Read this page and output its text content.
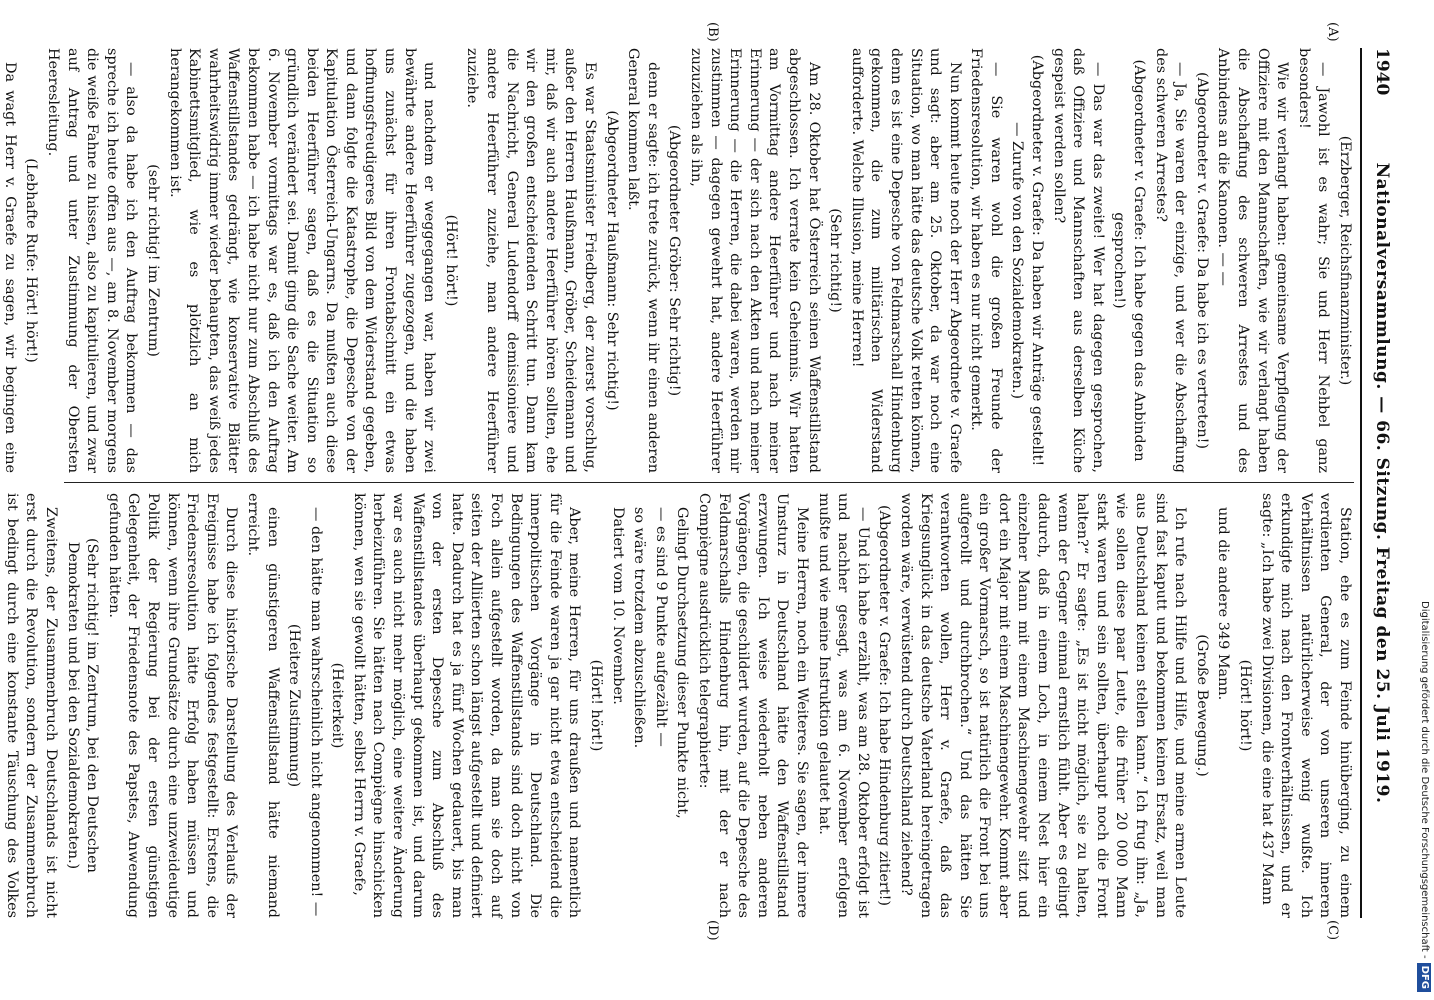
1940
Nationalversammlung. — 66. Sitzung. Freitag den 25. Juli 1919.

(Erzberger, Reichsfinanzminister.)

— Jawohl ist es wahr; Sie und Herr Nehbel ganz besonders!

Wie wir verlangt haben: gemeinsame Verpflegung der Offiziere mit den Mannschaften, wie wir verlangt haben die Abschaffung des schweren Arrestes und des Anbindens an die Kanonen. — —

(Abgeordneter v. Graefe: Da habe ich es vertreten!)

— Ja, Sie waren der einzige, und wer die Abschaffung des schweren Arrestes?

(Abgeordneter v. Graefe: Ich habe gegen das Anbinden gesprochen!)

— Das war das zweite! Wer hat dagegen gesprochen, daß Offiziere und Mannschaften aus derselben Küche gespeist werden sollen?

(Abgeordneter v. Graefe: Da haben wir Anträge gestellt! — Zurufe von den Sozialdemokraten.)

— Sie waren wohl die großen Freunde der Friedensresolution, wir haben es nur nicht gemerkt.

Nun kommt heute noch der Herr Abgeordnete v. Graefe und sagt: aber am 25. Oktober, da war noch eine Situation, wo man hätte das deutsche Volk retten können, denn es ist eine Depesche von Feldmarschall Hindenburg gekommen, die zum militärischen Widerstand aufforderte. Welche Illusion, meine Herren!

(Sehr richtig!)

Am 28. Oktober hat Österreich seinen Waffenstillstand abgeschlossen. Ich verrate kein Geheimnis. Wir hatten am Vormittag andere Heerführer und nach meiner Erinnerung — der sich nach den Akten und nach meiner Erinnerung — die Herren, die dabei waren, werden mir zustimmen — dagegen gewehrt hat, andere Heerführer zuzuziehen als ihn,

(Abgeordneter Gröber: Sehr richtig!)

denn er sagte: ich trete zurück, wenn ihr einen anderen General kommen laßt.

(Abgeordneter Haußmann: Sehr richtig!)

Es war Staatsminister Friedberg, der zuerst vorschlug, außer den Herren Haußmann, Gröber, Scheidemann und mir, daß wir auch andere Heerführer hören sollten, ehe wir den großen entscheidenden Schritt tun. Dann kam die Nachricht, General Ludendorff demissioniere und andere Heerführer zuziehe, man andere Heerführer zuziehe.

(Hört! hört!)

und nachdem er weggegangen war, haben wir zwei bewährte andere Heerführer zugezogen, und die haben uns zunächst für ihren Frontabschnitt ein etwas hoffnungsfreudigeres Bild von dem Widerstand gegeben, und dann folgte die Katastrophe, die Depesche von der Kapitulation Österreich-Ungarns. Da mußten auch diese beiden Heerführer sagen, daß es die Situation so gründlich verändert sei. Damit ging die Sache weiter. Am 6. November vormittags war es, daß ich den Auftrag bekommen habe — ich habe nicht nur zum Abschluß des Waffenstillstandes gedrängt, wie konservative Blätter wahrheitswidrig immer wieder behaupten, das weiß jedes Kabinettsmitglied, wie es plötzlich an mich herangekommen ist.

(sehr richtig! im Zentrum)

— also da habe ich den Auftrag bekommen — das spreche ich heute offen aus —, am 8. November morgens die weiße Fahne zu hissen, also zu kapitulieren, und zwar auf Antrag und unter Zustimmung der Obersten Heeresleitung.

(Lebhafte Rufe: Hört! hört!)

Da wagt Herr v. Graefe zu sagen, wir begingen eine

Station, ehe es zum Feinde hinüberging, zu einem verdienten General, der von unseren inneren Verhältnissen natürlicherweise wenig wußte. Ich erkundigte mich nach den Frontverhältnissen, und er sagte: „Ich habe zwei Divisionen, die eine hat 437 Mann

(Hört! hört!)

und die andere 349 Mann.

(Große Bewegung.)

Ich rufe nach Hilfe und Hilfe, und meine armen Leute sind fast kaputt und bekommen keinen Ersatz, weil man aus Deutschland keinen stellen kann.“ Ich frug ihn: „Ja, wie sollen diese paar Leute, die früher 20 000 Mann stark waren und sein sollten, überhaupt noch die Front halten?“ Er sagte: „Es ist nicht möglich, sie zu halten, wenn der Gegner einmal ernstlich fühlt. Aber es gelingt dadurch, daß in einem Loch, in einem Nest hier ein einzelner Mann mit einem Maschinengewehr sitzt und dort ein Major mit einem Maschinengewehr. Kommt aber ein großer Vormarsch, so ist natürlich die Front bei uns aufgerollt und durchbrochen.“ Und das hätten Sie verantworten wollen, Herr v. Graefe, daß das Kriegsunglück in das deutsche Vaterland hereingetragen worden wäre, verwüstend durch Deutschland ziehend?

(Abgeordneter v. Graefe: Ich habe Hindenburg zitiert!)

— Und ich habe erzählt, was am 28. Oktober erfolgt ist und nachher gesagt, was am 6. November erfolgen mußte und wie meine Instruktion gelautet hat.

Meine Herren, noch ein Weiteres. Sie sagen, der innere Umsturz in Deutschland hätte den Waffenstillstand erzwungen. Ich weise wiederholt neben anderen Vorgängen, die geschildert wurden, auf die Depesche des Feldmarschalls Hindenburg hin, mit der er nach Compiègne ausdrücklich telegraphierte:

Gelingt Durchsetzung dieser Punkte nicht,

— es sind 9 Punkte aufgezählt —

so wäre trotzdem abzuschließen.

Datiert vom 10. November.

(Hört! hört!)

Aber, meine Herren, für uns draußen und namentlich für die Feinde waren ja gar nicht etwa entscheidend die innerpolitischen Vorgänge in Deutschland. Die Bedingungen des Waffenstillstands sind doch nicht von Foch allein aufgestellt worden, da man sie doch auf seiten der Alliierten schon längst aufgestellt und definiert hatte. Dadurch hat es ja fünf Wochen gedauert, bis man von der ersten Depesche zum Abschluß des Waffenstillstandes überhaupt gekommen ist, und darum war es auch nicht mehr möglich, eine weitere Änderung herbeizuführen. Sie hätten nach Compiègne hinschicken können, wen sie gewollt hätten, selbst Herrn v. Graefe,

(Heiterkeit)

— den hätte man wahrscheinlich nicht angenommen! —

(Heitere Zustimmung)

einen günstigeren Waffenstillstand hätte niemand erreicht.

Durch diese historische Darstellung des Verlaufs der Ereignisse habe ich folgendes festgestellt: Erstens, die Friedensresolution hätte Erfolg haben müssen und können, wenn ihre Grundsätze durch eine unzweideutige Politik der Regierung bei der ersten günstigen Gelegenheit, der Friedensnote des Papstes, Anwendung gefunden hätten.

(Sehr richtig! im Zentrum, bei den Deutschen Demokraten und bei den Sozialdemokraten.)

Zweitens, der Zusammenbruch Deutschlands ist nicht erst durch die Revolution, sondern der Zusammenbruch ist bedingt durch eine konstante Täuschung des Volkes

(A)
(B)
(C)
(D)	Digitalisierung gefördert durch die Deutsche Forschungsgemeinschaft -DFG
